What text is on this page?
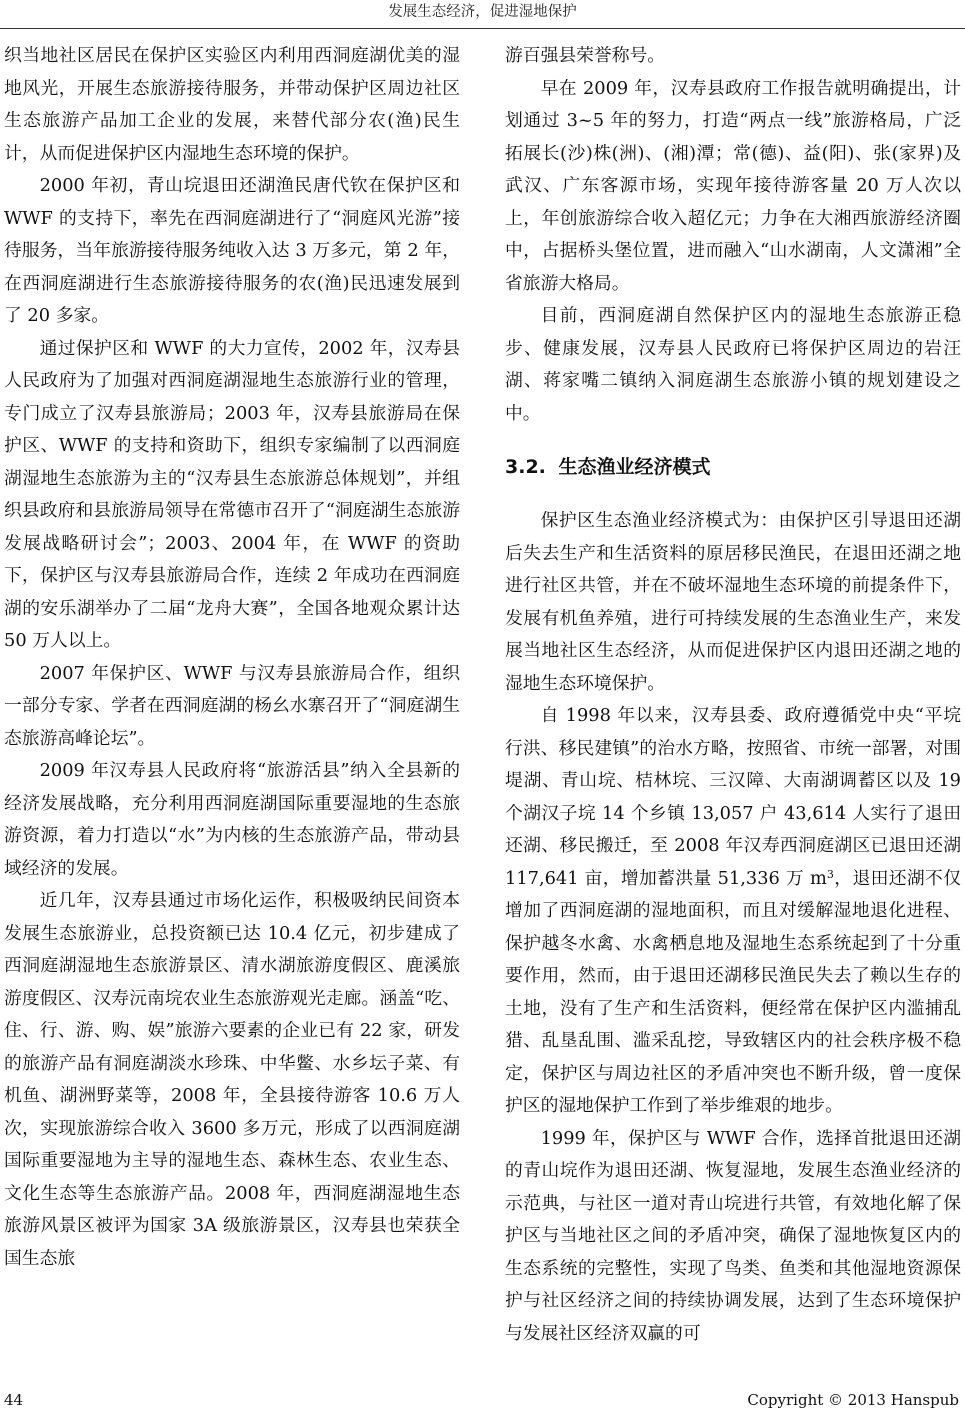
发展生态经济，促进湿地保护

织当地社区居民在保护区实验区内利用西洞庭湖优美的湿地风光，开展生态旅游接待服务，并带动保护区周边社区生态旅游产品加工企业的发展，来替代部分农(渔)民生计，从而促进保护区内湿地生态环境的保护。

2000 年初，青山垸退田还湖渔民唐代钦在保护区和 WWF 的支持下，率先在西洞庭湖进行了“洞庭风光游”接待服务，当年旅游接待服务纯收入达 3 万多元，第 2 年，在西洞庭湖进行生态旅游接待服务的农(渔)民迅速发展到了 20 多家。

通过保护区和 WWF 的大力宣传，2002 年，汉寿县人民政府为了加强对西洞庭湖湿地生态旅游行业的管理，专门成立了汉寿县旅游局；2003 年，汉寿县旅游局在保护区、WWF 的支持和资助下，组织专家编制了以西洞庭湖湿地生态旅游为主的“汉寿县生态旅游总体规划”，并组织县政府和县旅游局领导在常德市召开了“洞庭湖生态旅游发展战略研讨会”；2003、2004 年，在 WWF 的资助下，保护区与汉寿县旅游局合作，连续 2 年成功在西洞庭湖的安乐湖举办了二届“龙舟大赛”，全国各地观众累计达 50 万人以上。

2007 年保护区、WWF 与汉寿县旅游局合作，组织一部分专家、学者在西洞庭湖的杨幺水寨召开了“洞庭湖生态旅游高峰论坛”。

2009 年汉寿县人民政府将“旅游活县”纳入全县新的经济发展战略，充分利用西洞庭湖国际重要湿地的生态旅游资源，着力打造以“水”为内核的生态旅游产品，带动县域经济的发展。

近几年，汉寿县通过市场化运作，积极吸纳民间资本发展生态旅游业，总投资额已达 10.4 亿元，初步建成了西洞庭湖湿地生态旅游景区、清水湖旅游度假区、鹿溪旅游度假区、汉寿沅南垸农业生态旅游观光走廊。涵盖“吃、住、行、游、购、娱”旅游六要素的企业已有 22 家，研发的旅游产品有洞庭湖淡水珍珠、中华鳖、水乡坛子菜、有机鱼、湖洲野菜等，2008 年，全县接待游客 10.6 万人次，实现旅游综合收入 3600 多万元，形成了以西洞庭湖国际重要湿地为主导的湿地生态、森林生态、农业生态、文化生态等生态旅游产品。2008 年，西洞庭湖湿地生态旅游风景区被评为国家 3A 级旅游景区，汉寿县也荣获全国生态旅

游百强县荣誉称号。

早在 2009 年，汉寿县政府工作报告就明确提出，计划通过 3~5 年的努力，打造“两点一线”旅游格局，广泛拓展长(沙)株(洲)、(湘)潭；常(德)、益(阳)、张(家界)及武汉、广东客源市场，实现年接待游客量 20 万人次以上，年创旅游综合收入超亿元；力争在大湘西旅游经济圈中，占据桥头堡位置，进而融入“山水湖南，人文潇湘”全省旅游大格局。

目前，西洞庭湖自然保护区内的湿地生态旅游正稳步、健康发展，汉寿县人民政府已将保护区周边的岩汪湖、蒋家嘴二镇纳入洞庭湖生态旅游小镇的规划建设之中。

3.2. 生态渔业经济模式

保护区生态渔业经济模式为：由保护区引导退田还湖后失去生产和生活资料的原居移民渔民，在退田还湖之地进行社区共管，并在不破坏湿地生态环境的前提条件下，发展有机鱼养殖，进行可持续发展的生态渔业生产，来发展当地社区生态经济，从而促进保护区内退田还湖之地的湿地生态环境保护。

自 1998 年以来，汉寿县委、政府遵循党中央“平垸行洪、移民建镇”的治水方略，按照省、市统一部署，对围堤湖、青山垸、桔林垸、三汉障、大南湖调蓄区以及 19 个湖汉子垸 14 个乡镇 13,057 户 43,614 人实行了退田还湖、移民搬迁，至 2008 年汉寿西洞庭湖区已退田还湖 117,641 亩，增加蓄洪量 51,336 万 $m^3$，退田还湖不仅增加了西洞庭湖的湿地面积，而且对缓解湿地退化进程、保护越冬水禽、水禽栖息地及湿地生态系统起到了十分重要作用，然而，由于退田还湖移民渔民失去了赖以生存的土地，没有了生产和生活资料，便经常在保护区内滥捕乱猎、乱垦乱围、滥采乱挖，导致辖区内的社会秩序极不稳定，保护区与周边社区的矛盾冲突也不断升级，曾一度保护区的湿地保护工作到了举步维艰的地步。

1999 年，保护区与 WWF 合作，选择首批退田还湖的青山垸作为退田还湖、恢复湿地，发展生态渔业经济的示范典，与社区一道对青山垸进行共管，有效地化解了保护区与当地社区之间的矛盾冲突，确保了湿地恢复区内的生态系统的完整性，实现了鸟类、鱼类和其他湿地资源保护与社区经济之间的持续协调发展，达到了生态环境保护与发展社区经济双赢的可

44	Copyright © 2013 Hanspub
